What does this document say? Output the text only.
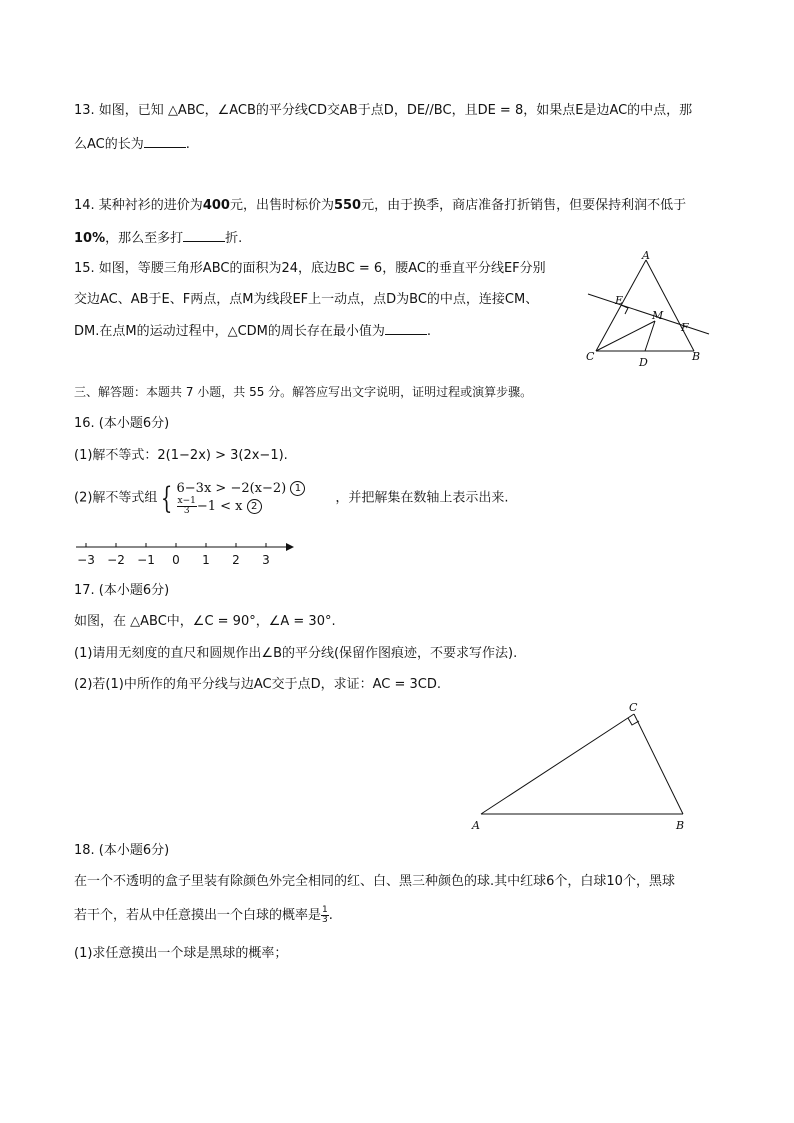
13. 如图，已知 △ABC，∠ACB的平分线CD交AB于点D，DE//BC，且DE = 8，如果点E是边AC的中点，那
么AC的长为	.
14. 某种衬衫的进价为400元，出售时标价为550元，由于换季，商店准备打折销售，但要保持利润不低于
10%，那么至多打	折.
15. 如图，等腰三角形ABC的面积为24，底边BC = 6，腰AC的垂直平分线EF分别
交边AC、AB于E、F两点，点M为线段EF上一动点，点D为BC的中点，连接CM、
DM.在点M的运动过程中，△CDM的周长存在最小值为	.
A
E
M
F
C	D	B
三、解答题：本题共 7 小题，共 55 分。解答应写出文字说明，证明过程或演算步骤。
16. (本小题6分)
(1)解不等式：2(1−2x) > 3(2x−1).
(2)解不等式组 { 6−3x > −2(x−2) 1
$\frac{x-1}{3} -1 < x$ 2
，并把解集在数轴上表示出来.
−3 −2 −1 0 1 2 3
17. (本小题6分)
如图，在 △ABC中，∠C = 90°，∠A = 30°.
(1)请用无刻度的直尺和圆规作出∠B的平分线(保留作图痕迹，不要求写作法).
(2)若(1)中所作的角平分线与边AC交于点D，求证：AC = 3CD.
C
A	B
18. (本小题6分)
在一个不透明的盒子里装有除颜色外完全相同的红、白、黑三种颜色的球.其中红球6个，白球10个，黑球
若干个，若从中任意摸出一个白球的概率是 $\frac{1}{3}$ .
(1)求任意摸出一个球是黑球的概率；
